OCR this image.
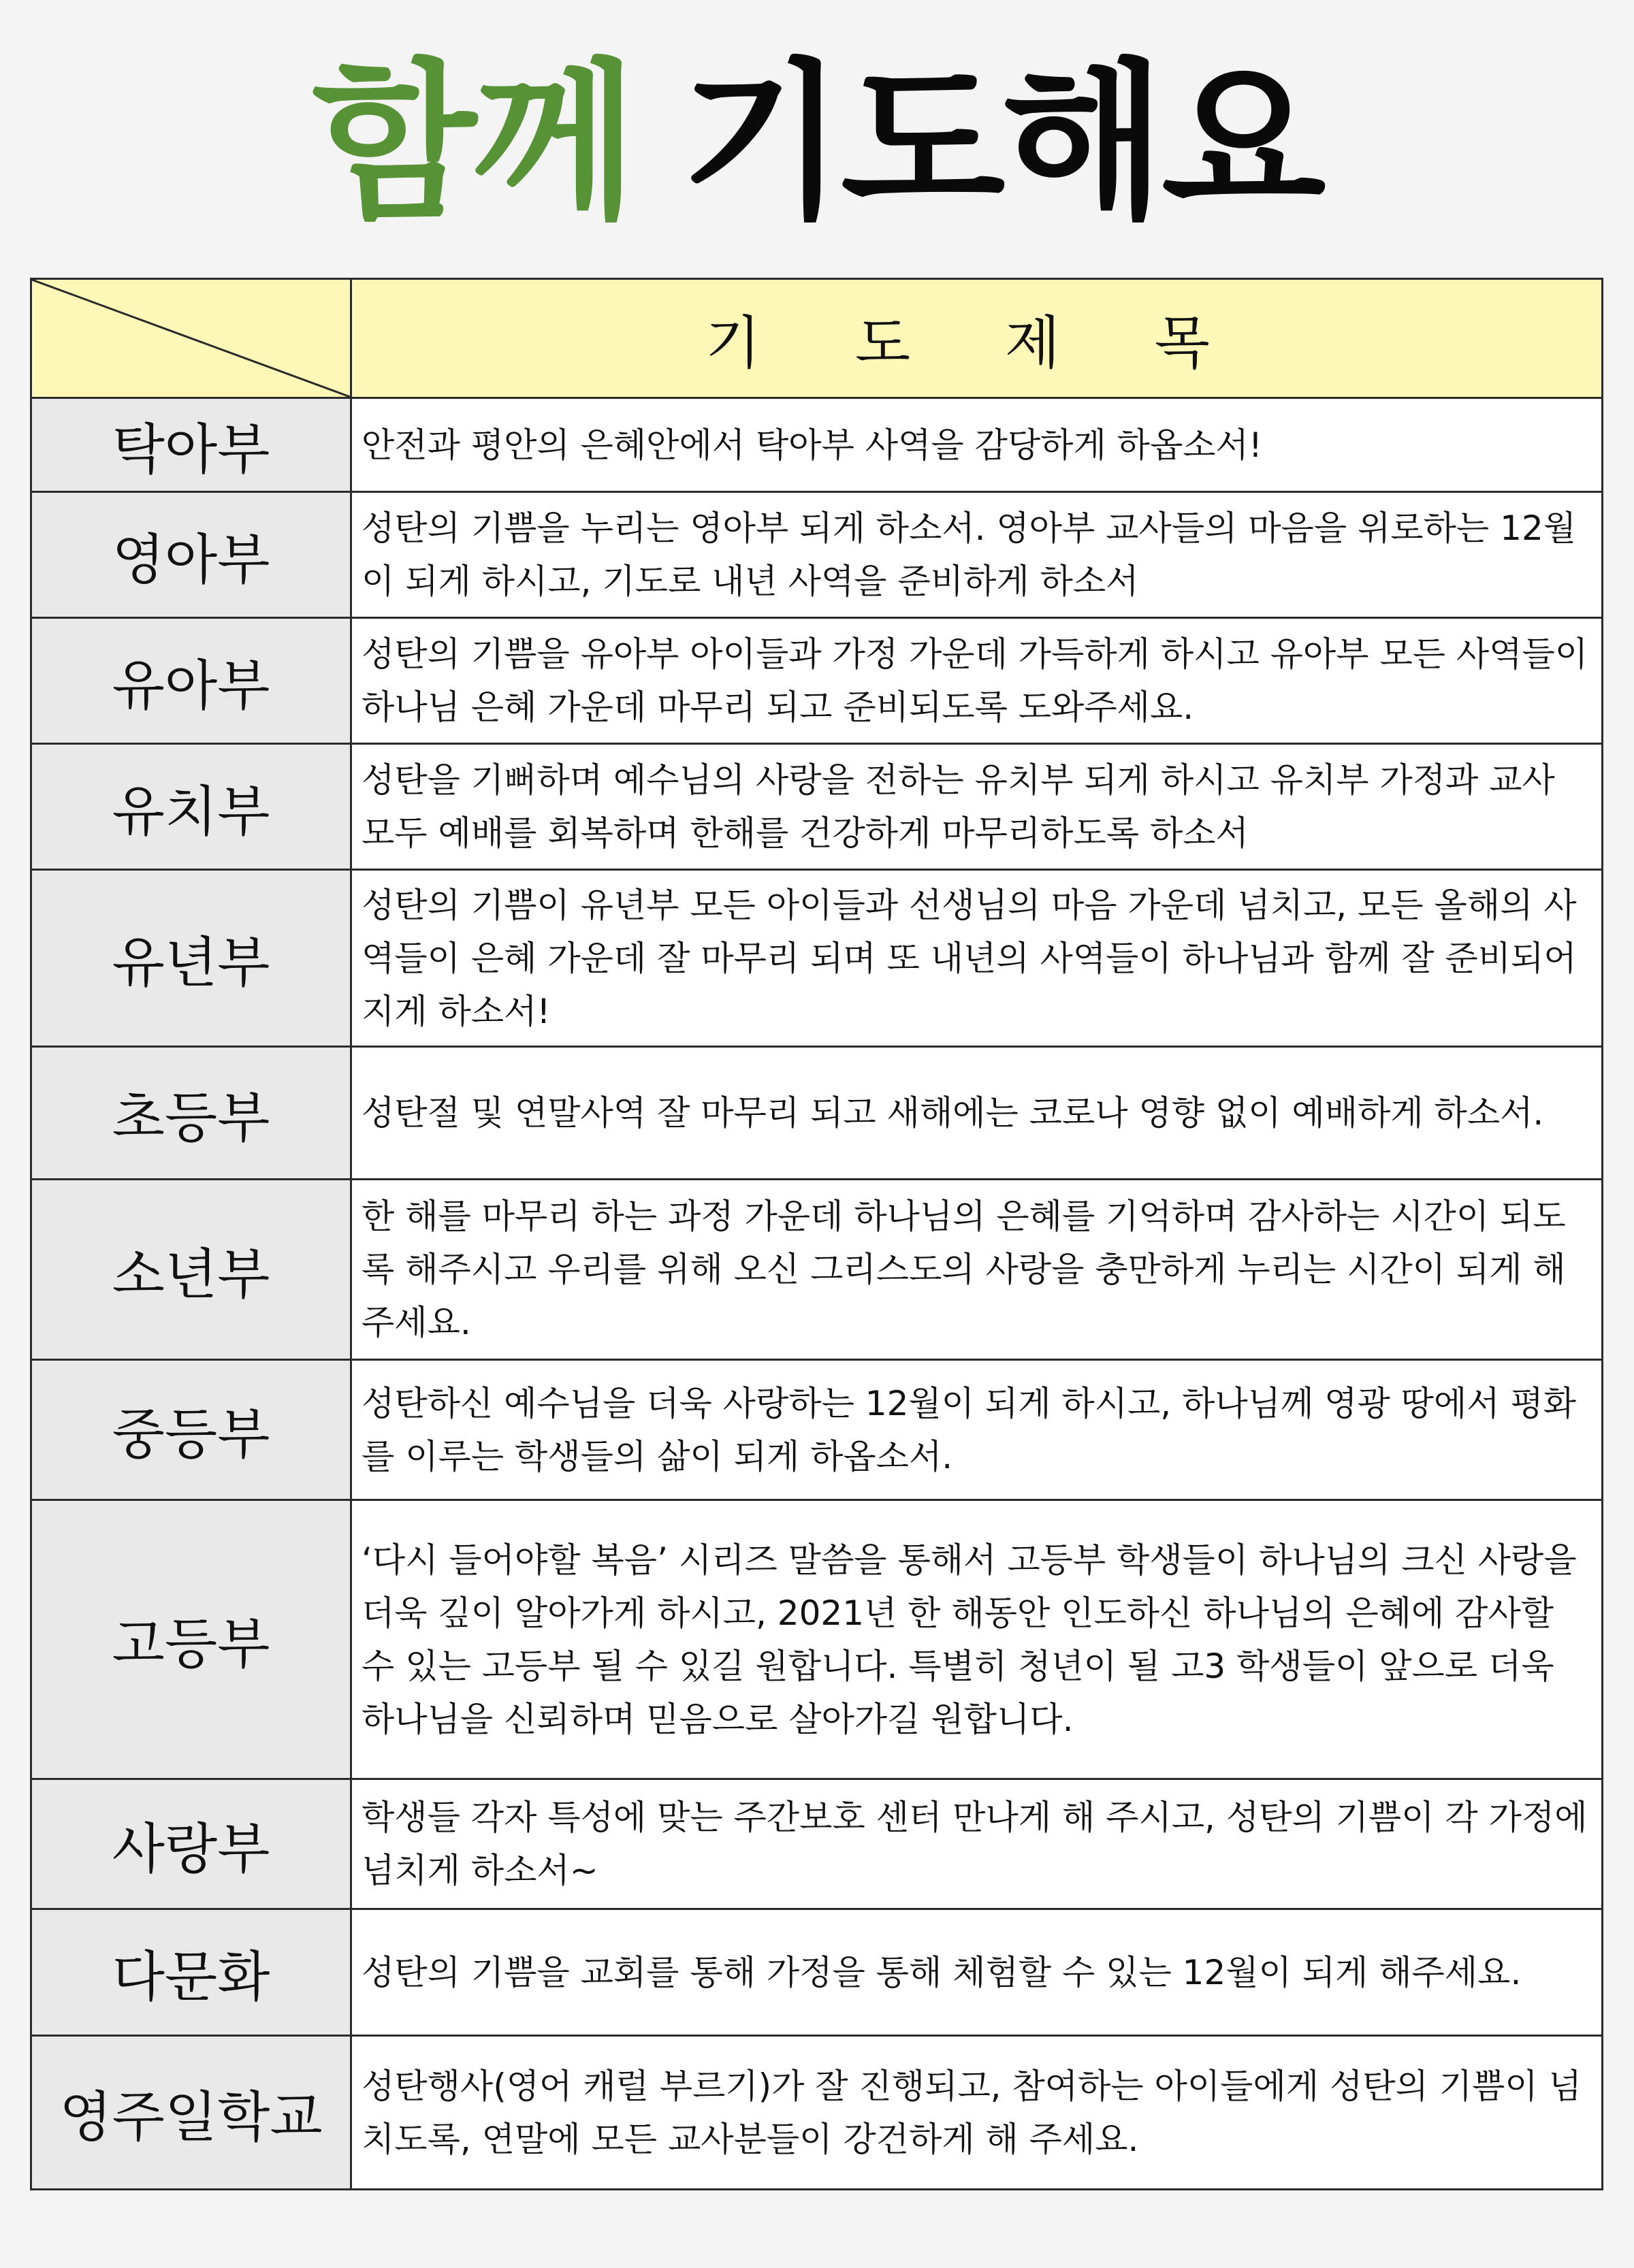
함께 기도해요
	기 도 제 목
탁아부	안전과 평안의 은혜안에서 탁아부 사역을 감당하게 하옵소서!
영아부	성탄의 기쁨을 누리는 영아부 되게 하소서. 영아부 교사들의 마음을 위로하는 12월이 되게 하시고, 기도로 내년 사역을 준비하게 하소서
유아부	성탄의 기쁨을 유아부 아이들과 가정 가운데 가득하게 하시고 유아부 모든 사역들이 하나님 은혜 가운데 마무리 되고 준비되도록 도와주세요.
유치부	성탄을 기뻐하며 예수님의 사랑을 전하는 유치부 되게 하시고 유치부 가정과 교사 모두 예배를 회복하며 한해를 건강하게 마무리하도록 하소서
유년부	성탄의 기쁨이 유년부 모든 아이들과 선생님의 마음 가운데 넘치고, 모든 올해의 사역들이 은혜 가운데 잘 마무리 되며 또 내년의 사역들이 하나님과 함께 잘 준비되어지게 하소서!
초등부	성탄절 및 연말사역 잘 마무리 되고 새해에는 코로나 영향 없이 예배하게 하소서.
소년부	한 해를 마무리 하는 과정 가운데 하나님의 은혜를 기억하며 감사하는 시간이 되도록 해주시고 우리를 위해 오신 그리스도의 사랑을 충만하게 누리는 시간이 되게 해주세요.
중등부	성탄하신 예수님을 더욱 사랑하는 12월이 되게 하시고, 하나님께 영광 땅에서 평화를 이루는 학생들의 삶이 되게 하옵소서.
고등부	‘다시 들어야할 복음’ 시리즈 말씀을 통해서 고등부 학생들이 하나님의 크신 사랑을 더욱 깊이 알아가게 하시고, 2021년 한 해동안 인도하신 하나님의 은혜에 감사할 수 있는 고등부 될 수 있길 원합니다. 특별히 청년이 될 고3 학생들이 앞으로 더욱 하나님을 신뢰하며 믿음으로 살아가길 원합니다.
사랑부	학생들 각자 특성에 맞는 주간보호 센터 만나게 해 주시고, 성탄의 기쁨이 각 가정에 넘치게 하소서~
다문화	성탄의 기쁨을 교회를 통해 가정을 통해 체험할 수 있는 12월이 되게 해주세요.
영주일학교	성탄행사(영어 캐럴 부르기)가 잘 진행되고, 참여하는 아이들에게 성탄의 기쁨이 넘치도록, 연말에 모든 교사분들이 강건하게 해 주세요.
